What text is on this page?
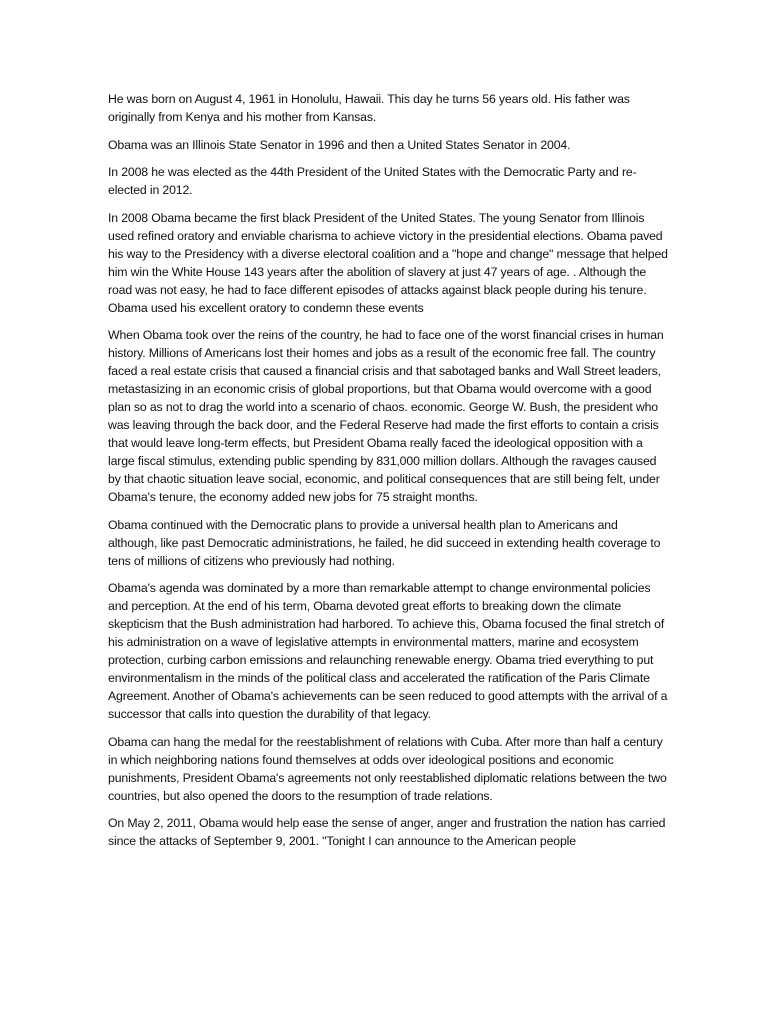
He was born on August 4, 1961 in Honolulu, Hawaii. This day he turns 56 years old. His father was originally from Kenya and his mother from Kansas.

Obama was an Illinois State Senator in 1996 and then a United States Senator in 2004.

In 2008 he was elected as the 44th President of the United States with the Democratic Party and re-elected in 2012.

In 2008 Obama became the first black President of the United States. The young Senator from Illinois used refined oratory and enviable charisma to achieve victory in the presidential elections. Obama paved his way to the Presidency with a diverse electoral coalition and a "hope and change" message that helped him win the White House 143 years after the abolition of slavery at just 47 years of age. . Although the road was not easy, he had to face different episodes of attacks against black people during his tenure. Obama used his excellent oratory to condemn these events

When Obama took over the reins of the country, he had to face one of the worst financial crises in human history. Millions of Americans lost their homes and jobs as a result of the economic free fall. The country faced a real estate crisis that caused a financial crisis and that sabotaged banks and Wall Street leaders, metastasizing in an economic crisis of global proportions, but that Obama would overcome with a good plan so as not to drag the world into a scenario of chaos. economic. George W. Bush, the president who was leaving through the back door, and the Federal Reserve had made the first efforts to contain a crisis that would leave long-term effects, but President Obama really faced the ideological opposition with a large fiscal stimulus, extending public spending by 831,000 million dollars. Although the ravages caused by that chaotic situation leave social, economic, and political consequences that are still being felt, under Obama's tenure, the economy added new jobs for 75 straight months.

Obama continued with the Democratic plans to provide a universal health plan to Americans and although, like past Democratic administrations, he failed, he did succeed in extending health coverage to tens of millions of citizens who previously had nothing.

Obama's agenda was dominated by a more than remarkable attempt to change environmental policies and perception. At the end of his term, Obama devoted great efforts to breaking down the climate skepticism that the Bush administration had harbored. To achieve this, Obama focused the final stretch of his administration on a wave of legislative attempts in environmental matters, marine and ecosystem protection, curbing carbon emissions and relaunching renewable energy. Obama tried everything to put environmentalism in the minds of the political class and accelerated the ratification of the Paris Climate Agreement. Another of Obama's achievements can be seen reduced to good attempts with the arrival of a successor that calls into question the durability of that legacy.

Obama can hang the medal for the reestablishment of relations with Cuba. After more than half a century in which neighboring nations found themselves at odds over ideological positions and economic punishments, President Obama's agreements not only reestablished diplomatic relations between the two countries, but also opened the doors to the resumption of trade relations.

On May 2, 2011, Obama would help ease the sense of anger, anger and frustration the nation has carried since the attacks of September 9, 2001. "Tonight I can announce to the American people
